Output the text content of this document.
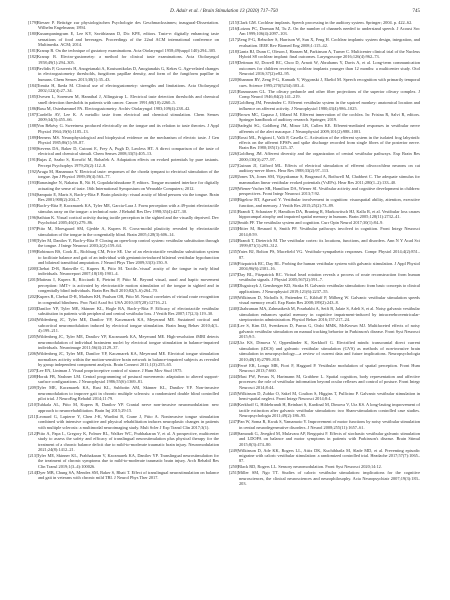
D. Adair et al. / Brain Stimulation 13 (2020) 717–750	745
[179]Riesser P. Beiträge zur physiologischen Psychologie des Geschmackssinnes; inaugural-Dissertation. Wilhelm Engelmann; 1894.
[180]Kusumpaningrum E, Lee KY, Savithianan D, Dic KPE, editors. Taste-e: digitally enhancing taste sensations of food and beverages. Proceedings of the 22nd ACM international conference on Multimedia. ACM; 2014.
[181]Krarup B. On the technique of gustatory examinations. Acta Otolaryngol 1958;49(suppl 140):294–305.
[182]Krarup B. Electro-gustometry: a method for clinical taste examinations. Acta Otolaryngol 1958;49(1):294–305.
[183]Pavlidis P, Gouveris H, Anogeianaki A, Koutsonikolas D, Anogianakis G, Kekes G. Age-related changes in electrogustometry thresholds, fungiform papillae density, and form of the fungiform papillae in humans. Chem Senses 2013;38(1):35–43.
[184]Tomita H, Ikeda M. Clinical use of electrogustometry: strengths and limitations. Acta Otolaryngol 2002;122(4):27–34.
[185]Ovesen L, Sorensen M, Hannibal J, Allingstrup L. Electrical taste detection thresholds and chemical smell detection thresholds in patients with cancer. Cancer 1991;68(10):2260–5.
[186]Basu M, Osterhammel PA. Electrogustometry. Archiv Otolaryngol 1983;109(4):238–42.
[187]Cardello AV, Lee K. A metallic taste from electrical and chemical stimulation. Chem Senses 2009;34(5):455–66.
[188]Von Békésy G. Sweetness produced electrically on the tongue and its relation to taste theories. J Appl Physiol 1964;19(6):1105–13.
[189]Herness MS. Neurophysiological and biophysical evidence on the mechanism of electric taste. J Gen Physiol 1985;86(1):59–87.
[190]Stevens DA, Baker D, Cutroni E, Frey A, Pugh D, Lawless HT. A direct comparison of the taste of electrical and chemical stimuli. Chem Senses 2008;33(5):405–13.
[191]Bujas Z, Szabo S, Kovačić M, Rohaček A. Adaptation effects on evoked potentials by pure tastants. Percept Psychophys 1979;25(2):112–8.
[192]Aruga M, Hanamura Y. Electrical taste: responses of the chorda tympani to electrical stimulation of the tongue. Jpn J Physiol 1989;39(4):563–77.
[193]Ranasinghe N, Nakatsu R, Nii H, Gopalakrishnakone P, editors. Tongue mounted interface for digitally actuating the sense of taste. 16th International Symposium on Wearable Computers; 2012.
[194]Sampaio E, Maris S, Bach-y-Rita P. Brain plasticity: visual acuity of blind persons via the tongue. Brain Res 2001;908(2):204–7.
[195]Bach-y-Rita P, Kaczmarek KA, Tyler ME, Garcia-Lara J. Form perception with a 49-point electrotactile stimulus array on the tongue: a technical note. J Rehabil Res Dev 1998;35(4):427–30.
[196]Sathian K. Visual cortical activity during tactile perception in the sighted and the visually deprived. Dev Psychobiol 2005;46(3):279–86.
[197]Ptito M, Moesgaard SM, Gjedde A, Kupers R. Cross-modal plasticity revealed by electrotactile stimulation of the tongue in the congenitally blind. Brain 2005;128(3):606–14.
[198]Tyler M, Danilov Y, Bach-y-Rita P. Closing an open-loop control system: vestibular substitution through the tongue. J Integr Neurosci 2003;2(2):159–64.
[199]Robinson BS, Cook JL, Richburg CM, Price SE. Use of an electrotactile vestibular substitution system to facilitate balance and gait of an individual with gentamicin-induced bilateral vestibular hypofunction and bilateral transtibial amputation. J Neurol Phys Ther 2009;33(3):150–9.
[200]Chebat D-R, Rainville C, Kupers R, Ptito M. Tactile–'visual' acuity of the tongue in early blind individuals. Neuroreport 2007;18(18):1901–4.
[201]Matteau I, Kupers R, Ricciardi E, Pietrini P, Ptito M. Beyond visual, aural and haptic movement perception: hMT+ is activated by electrotactile motion stimulation of the tongue in sighted and in congenitally blind individuals. Brain Res Bull 2010;82(5–6):264–70.
[202]Kupers R, Chebat D-R, Madsen KH, Paulson OB, Ptito M. Neural correlates of virtual route recognition in congenital blindness. Proc Natl Acad Sci USA 2010;107(28):12716–21.
[203]Danilov YP, Tyler ME, Skinner KL, Hogle RA, Bach-y-Rita P. Efficacy of electrotactile vestibular substitution in patients with peripheral and central vestibular loss. J Vestib Res 2007;17(2,3):119–30.
[204]Wildenberg JC, Tyler ME, Danilov YP, Kaczmarek KA, Meyerand ME. Sustained cortical and subcortical neuromodulation induced by electrical tongue stimulation. Brain Imag Behav 2010;4(3–4):199–211.
[205]Wildenberg JC, Tyler ME, Danilov YP, Kaczmarek KA, Meyerand ME. High-resolution fMRI detects neuromodulation of individual brainstem nuclei by electrical tongue stimulation in balance-impaired individuals. Neuroimage 2011;56(4):2129–37.
[206]Wildenberg JC, Tyler ME, Danilov YP, Kaczmarek KA, Meyerand ME. Electrical tongue stimulation normalizes activity within the motion-sensitive brain network in balance-impaired subjects as revealed by group independent component analysis. Brain Connect 2011;1(3):255–65.
[207]Lee EN, Lintman J. Visual proprioceptive control of stance. J Hum Mov Stud 1975.
[208]Horak FB, Nashner LM. Central programming of postural movements: adaptation to altered support-surface configurations. J Neurophysiol 1986;55(6):1369–81.
[209]Tyler ME, Kaczmarek KA, Rust KL, Subbotin AM, Skinner KL, Danilov YP. Non-invasive neuromodulation to improve gait in chronic multiple sclerosis: a randomized double blind controlled pilot trial. J NeuroEng Rehabil 2014;11:79.
[210]Tuhkala AL, Ptito M, Kupers R, Danilov YP. Cranial nerve non-invasive neuromodulation: new approach to neurorehabilitation. Brain Inj 2015;29:15.
[211]Leonard G, Lapierre Y, Chen J-K, Wardini R, Crane J, Ptito A. Noninvasive tongue stimulation combined with intensive cognitive and physical rehabilitation induces neuroplastic changes in patients with multiple sclerosis: a multimodal neuroimaging study. Mult Scler J Exp Transl Clin 2017;3(1).
[212]Ptito A, Papa L, Gregory K, Folmer RL, Walker WC, Prabhakaran V, et al. A prospective, multicenter study to assess the safety and efficacy of translingual neurostimulation plus physical therapy for the treatment of a chronic balance deficit due to mild-to-moderate traumatic brain injury. Neuromodulation 2021;24(8):1412–21.
[213]Tyler ME, Skinner KL, Prabhakaran V, Kaczmarek KA, Danilov YP. Translingual neurostimulation for the treatment of chronic symptoms due to mild-to-moderate traumatic brain injury. Arch Rehabil Res Clin Transl 2019;1(3–4):100026.
[214]Dyer MB, Chung SA, Mendez SM, Baker S, Bhatt T. Effect of translingual neurostimulation on balance and gait in veterans with chronic mild TBI. J Neurol Phys Ther 2017.
[215]Clark GM. Cochlear implants. Speech processing in the auditory system. Springer; 2004. p. 422–62.
[216]Loizou PC, Dorman M, Tu Z. On the number of channels needed to understand speech. J Acoust Soc Am 1999;106(4):2097–103.
[217]Zeng F-G, Rebscher S, Harrison W, Sun X, Feng H. Cochlear implants: system design, integration, and evaluation. IEEE Rev Biomed Eng 2008;1:115–42.
[218]Gantz BJ, Dunn C, Oleson J, Hansen M, Parkinson A, Turner C. Multicenter clinical trial of the Nucleus Hybrid S8 cochlear implant: final outcomes. Laryngoscope 2016;126(4):962–73.
[219]Dettman SJ, Dowell RC, Choo D, Arnott W, Abrahams Y, Davis A, et al. Long-term communication outcomes for children receiving cochlear implants younger than 12 months: a multicenter study. Otol Neurotol 2016;37(2):e82–95.
[220]Shannon RV, Zeng F-G, Kamath V, Wygonski J, Ekelid M. Speech recognition with primarily temporal cues. Science 1995;270(5234):303–4.
[221]Rasmussen GL. The olivary peduncle and other fiber projections of the superior olivary complex. J Comp Neurol 1946;84(2):141–219.
[222]Goldberg JM, Fernández C. Efferent vestibular system in the squirrel monkey: anatomical location and influence on afferent activity. J Neurophysiol 1980;43(4):986–1025.
[223]Brown MC, Gapaso J, Iffland M. Efferent innervation of the cochlea. In: Frisina R, Salvi R, editors. Springer handbook of auditory research. Springer; 2019.
[224]Sadeghi SG, Goldberg JM, Minor LB, Cullen KE. Efferent-mediated responses in vestibular nerve afferents of the alert macaque. J Neurophysiol 2009;101(2):988–1001.
[225]Rossi ML, Prigioni I, Valli P, Casella C. Activation of the efferent system in the isolated frog labyrinth: effects on the afferent EPSPs and spike discharge recorded from single fibres of the posterior nerve. Brain Res 1980;185(1):125–37.
[226]Goldberg JM. Afferent diversity and the organization of central vestibular pathways. Exp Brain Res 2000;130(3):277–97.
[227]Guinan JJ, Gifford ML. Effects of electrical stimulation of efferent olivocochlear neurons on cat auditory-nerve fibers. Hear Res 1988;33(2):97–113.
[228]Jones TA, Jones SM, Vijayakumar S, Brugeaud A, Bothwell M, Chabbert C. The adequate stimulus for mammalian linear vestibular evoked potentials (VsEPs). Hear Res 2011;280(1–2):133–40.
[229]Wiener-Vacher SR, Hamilton DA, Wiener SI. Vestibular activity and cognitive development in children: perspectives. Front Integr Neurosci 2013;7:92.
[230]Bigelow RT, Agrawal Y. Vestibular involvement in cognition: visuospatial ability, attention, executive function, and memory. J Vestib Res 2015;25(2):73–89.
[231]Brandt T, Schautzer F, Hamilton DA, Bruning R, Markowitsch HJ, Kalla R, et al. Vestibular loss causes hippocampal atrophy and impaired spatial memory in humans. Brain 2005;128(11):2732–41.
[232]Smith PF. The vestibular system and cognition. Curr Opin Neurol 2017;30(1):84–9.
[233]Hitier M, Besnard S, Smith PF. Vestibular pathways involved in cognition. Front Integr Neurosci 2014;8:59.
[234]Brandt T, Dieterich M. The vestibular cortex: its locations, functions, and disorders. Ann N Y Acad Sci 1999;871(1):293–312.
[235]Yates BJ, Bolton PS, Macefield VG. Vestibulo-sympathetic responses. Compr Physiol 2014;4(2):851–87.
[236]Fitzpatrick RC, Day BL. Probing the human vestibular system with galvanic stimulation. J Appl Physiol 2004;96(6):2301–16.
[237]Day BL, Fitzpatrick RC. Virtual head rotation reveals a process of route reconstruction from human vestibular signals. J Physiol 2005;567(2):591–7.
[238]Dlugaiczyk J, Gensberger KD, Straka H. Galvanic vestibular stimulation: from basic concepts to clinical applications. J Neurophysiol 2019;121(6):2237–55.
[239]Wilkinson D, Nicholls S, Pattenden C, Kilduff P, Milberg W. Galvanic vestibular stimulation speeds visual memory recall. Exp Brain Res 2008;189(2):243–8.
[240]Ghahraman MA, Zahmatkesh M, Pourbakht A, Seifi B, Jalaie S, Adeli S, et al. Noisy galvanic vestibular stimulation enhances spatial memory in cognitive impairment-induced by intracerebroventricular-streptozotocin administration. Physiol Behav 2016;157:217–24.
[241]Lee S, Kim DJ, Svenkeson D, Parras G, Oishi MMK, McKeown MJ. Multifaceted effects of noisy galvanic vestibular stimulation on manual tracking behavior in Parkinson's disease. Front Syst Neurosci 2015;9:5.
[242]Utz KS, Dimova V, Oppenländer K, Kerkhoff G. Electrified minds: transcranial direct current stimulation (tDCS) and galvanic vestibular stimulation (GVS) as methods of non-invasive brain stimulation in neuropsychology—a review of current data and future implications. Neuropsychologia 2010;48(10):2789–810.
[243]Ferrè ER, Longo MR, Fiori F, Haggard P. Vestibular modulation of spatial perception. Front Hum Neurosci 2013;7:660.
[244]Mast FW, Preuss N, Hartmann M, Grabherr L. Spatial cognition, body representation and affective processes: the role of vestibular information beyond ocular reflexes and control of posture. Front Integr Neurosci 2014;8:44.
[245]Wilkinson D, Zubko O, Sakel M, Coulton S, Higgins T, Pullicino P. Galvanic vestibular stimulation in hemi-spatial neglect. Front Integr Neurosci 2014;8:4.
[246]Kerkhoff G, Hildebrandt H, Reinhart S, Kardinal M, Dimova V, Utz KS. A long-lasting improvement of tactile extinction after galvanic vestibular stimulation: two Sham-stimulation controlled case studies. Neuropsychologia 2011;49(2):186–95.
[247]Pan W, Soma R, Kwak S, Yamamoto Y. Improvement of motor functions by noisy vestibular stimulation in central neurodegenerative disorders. J Neurol 2008;255(11):1657–61.
[248]Samoudi G, Jivegård M, Mulavara AP, Bergquist F. Effects of stochastic vestibular galvanic stimulation and LDOPA on balance and motor symptoms in patients with Parkinson's disease. Brain Stimul 2015;8(3):474–80.
[249]Wilkinson D, Ade KK, Rogers LL, Attix DK, Kuchibhatla M, Slade MD, et al. Preventing episodic migraine with caloric vestibular stimulation: a randomized controlled trial. Headache 2017;57(7):1065–87.
[250]Black RD, Rogers LL. Sensory neuromodulation. Front Syst Neurosci 2020;14:12.
[251]Miller SM, Ngo TT. Studies of caloric vestibular stimulation: implications for the cognitive neurosciences, the clinical neurosciences and neurophilosophy. Acta Neuropsychiatr 2007;19(3):183–203.
